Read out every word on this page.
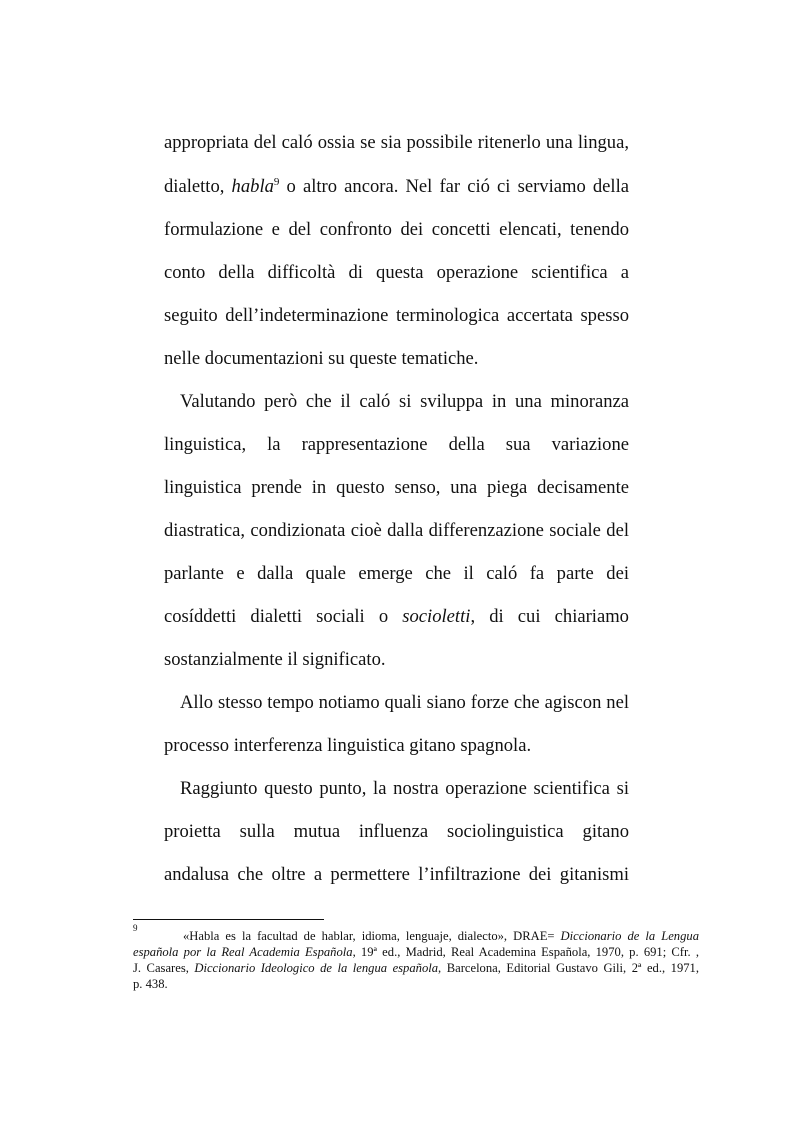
appropriata del caló ossia se sia possibile ritenerlo una lingua,
dialetto, habla$^9$ o altro ancora. Nel far ció ci serviamo della
formulazione e del confronto dei concetti elencati, tenendo
conto della difficoltà di questa operazione scientifica a
seguito dell’indeterminazione terminologica accertata spesso
nelle documentazioni su queste tematiche.
Valutando però che il caló si sviluppa in una minoranza
linguistica, la rappresentazione della sua variazione
linguistica prende in questo senso, una piega decisamente
diastratica, condizionata cioè dalla differenzazione sociale del
parlante e dalla quale emerge che il caló fa parte dei
cosíddetti dialetti sociali o socioletti, di cui chiariamo
sostanzialmente il significato.
Allo stesso tempo notiamo quali siano forze che agiscon nel
processo interferenza linguistica gitano spagnola.
Raggiunto questo punto, la nostra operazione scientifica si
proietta sulla mutua influenza sociolinguistica gitano
andalusa che oltre a permettere l’infiltrazione dei gitanismi
9
«Habla es la facultad de hablar, idioma, lenguaje, dialecto», DRAE= Diccionario de la Lengua
española por la Real Academia Española, 19ª ed., Madrid, Real Academina Española, 1970, p. 691; Cfr. ,
J. Casares, Diccionario Ideologico de la lengua española, Barcelona, Editorial Gustavo Gili, 2ª ed., 1971,
p. 438.
